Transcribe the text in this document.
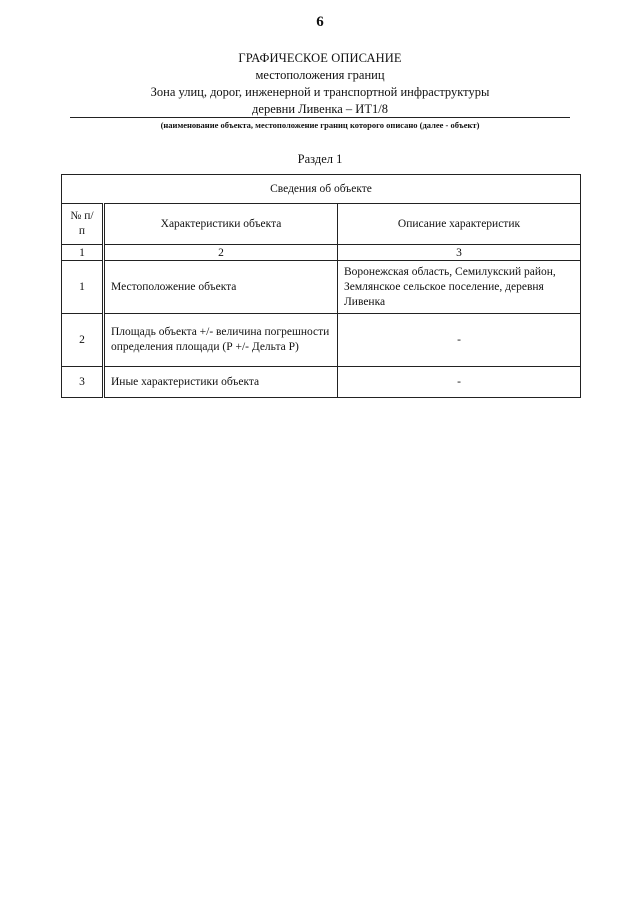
6
ГРАФИЧЕСКОЕ ОПИСАНИЕ
местоположения границ
Зона улиц, дорог, инженерной и транспортной инфраструктуры
деревни Ливенка – ИТ1/8
(наименование объекта, местоположение границ которого описано (далее - объект)
Раздел 1
Сведения об объекте		
№ п/п	Характеристики объекта	Описание характеристик
1	2	3
1	Местоположение объекта	Воронежская область, Семилукский район, Землянское сельское поселение, деревня Ливенка
2	Площадь объекта +/- величина погрешности определения площади (Р +/- Дельта Р)	-
3	Иные характеристики объекта	-
